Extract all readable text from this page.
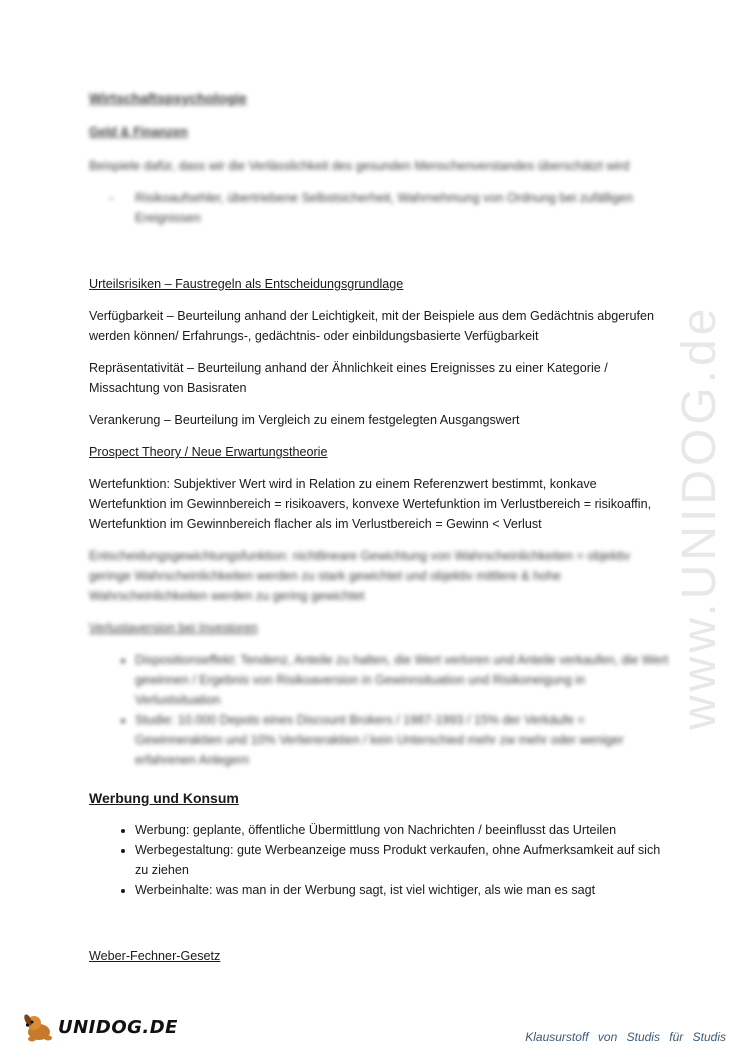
www.UNIDOG.de
Wirtschaftspsychologie
Geld & Finanzen

Beispiele dafür, dass wir die Verlässlichkeit des gesunden Menschenverstandes überschätzt wird

- Risikoaufsehler, übertriebene Selbstsicherheit, Wahrnehmung von Ordnung bei zufälligen Ereignissen
Urteilsrisiken – Faustregeln als Entscheidungsgrundlage

Verfügbarkeit – Beurteilung anhand der Leichtigkeit, mit der Beispiele aus dem Gedächtnis abgerufen werden können/ Erfahrungs-, gedächtnis- oder einbildungsbasierte Verfügbarkeit

Repräsentativität – Beurteilung anhand der Ähnlichkeit eines Ereignisses zu einer Kategorie / Missachtung von Basisraten

Verankerung – Beurteilung im Vergleich zu einem festgelegten Ausgangswert

Prospect Theory / Neue Erwartungstheorie

Wertefunktion: Subjektiver Wert wird in Relation zu einem Referenzwert bestimmt, konkave Wertefunktion im Gewinnbereich = risikoavers, konvexe Wertefunktion im Verlustbereich = risikoaffin, Wertefunktion im Gewinnbereich flacher als im Verlustbereich = Gewinn < Verlust

Entscheidungsgewichtungsfunktion: nichtlineare Gewichtung von Wahrscheinlichkeiten = objektiv geringe Wahrscheinlichkeiten werden zu stark gewichtet und objektiv mittlere & hohe Wahrscheinlichkeiten werden zu gering gewichtet

Verlustaversion bei Investoren
• Dispositionseffekt: Tendenz, Anteile zu halten, die Wert verloren und Anteile verkaufen, die Wert gewinnen / Ergebnis von Risikoaversion in Gewinnsituation und Risikoneigung in Verlustsituation
• Studie: 10.000 Depots eines Discount Brokers / 1987-1993 / 15% der Verkäufe = Gewinneraktien und 10% Verliereraktien / kein Unterschied mehr zw mehr oder weniger erfahrenen Anlegern
Werbung und Konsum
• Werbung: geplante, öffentliche Übermittlung von Nachrichten / beeinflusst das Urteilen
• Werbegestaltung: gute Werbeanzeige muss Produkt verkaufen, ohne Aufmerksamkeit auf sich zu ziehen
• Werbeinhalte: was man in der Werbung sagt, ist viel wichtiger, als wie man es sagt
Weber-Fechner-Gesetz
UNIDOG.DE	Klausurstoff von Studis für Studis
